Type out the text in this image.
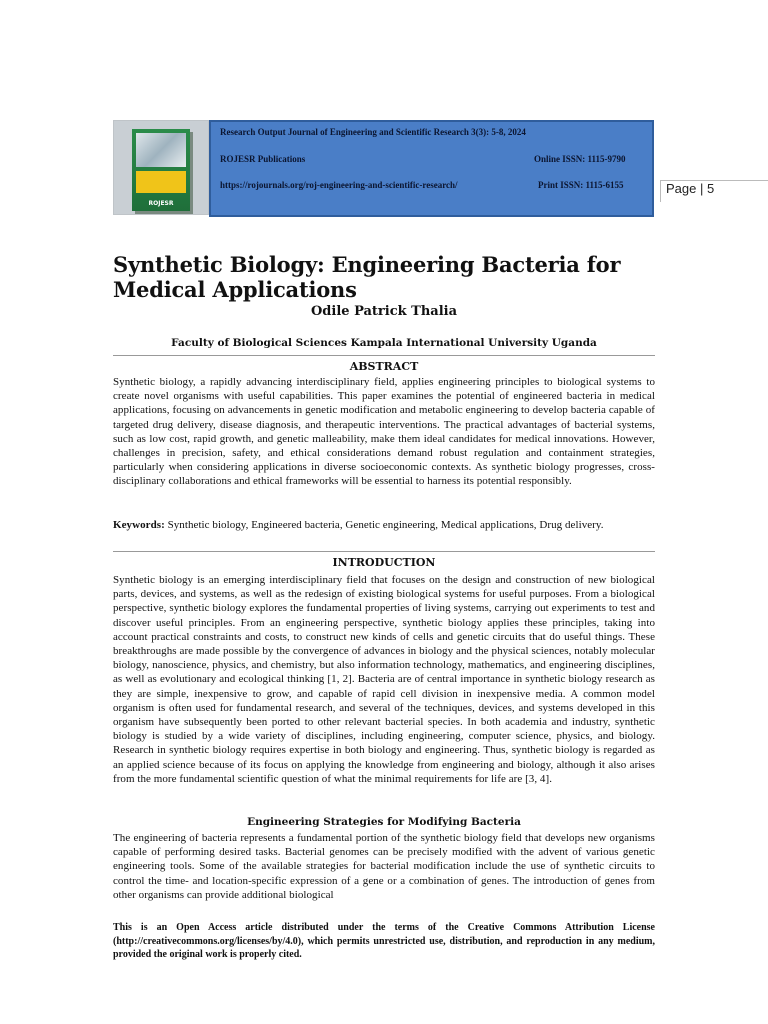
ROJESR
Research Output Journal of Engineering and Scientific Research 3(3): 5-8, 2024
ROJESR Publications	Online ISSN: 1115-9790
https://rojournals.org/roj-engineering-and-scientific-research/	Print ISSN: 1115-6155	Page | 5
Synthetic Biology: Engineering Bacteria for Medical Applications

Odile Patrick Thalia

Faculty of Biological Sciences Kampala International University Uganda

ABSTRACT

Synthetic biology, a rapidly advancing interdisciplinary field, applies engineering principles to biological systems to create novel organisms with useful capabilities. This paper examines the potential of engineered bacteria in medical applications, focusing on advancements in genetic modification and metabolic engineering to develop bacteria capable of targeted drug delivery, disease diagnosis, and therapeutic interventions. The practical advantages of bacterial systems, such as low cost, rapid growth, and genetic malleability, make them ideal candidates for medical innovations. However, challenges in precision, safety, and ethical considerations demand robust regulation and containment strategies, particularly when considering applications in diverse socioeconomic contexts. As synthetic biology progresses, cross-disciplinary collaborations and ethical frameworks will be essential to harness its potential responsibly.

Keywords: Synthetic biology, Engineered bacteria, Genetic engineering, Medical applications, Drug delivery.

INTRODUCTION

Synthetic biology is an emerging interdisciplinary field that focuses on the design and construction of new biological parts, devices, and systems, as well as the redesign of existing biological systems for useful purposes. From a biological perspective, synthetic biology explores the fundamental properties of living systems, carrying out experiments to test and discover useful principles. From an engineering perspective, synthetic biology applies these principles, taking into account practical constraints and costs, to construct new kinds of cells and genetic circuits that do useful things. These breakthroughs are made possible by the convergence of advances in biology and the physical sciences, notably molecular biology, nanoscience, physics, and chemistry, but also information technology, mathematics, and engineering disciplines, as well as evolutionary and ecological thinking [1, 2]. Bacteria are of central importance in synthetic biology research as they are simple, inexpensive to grow, and capable of rapid cell division in inexpensive media. A common model organism is often used for fundamental research, and several of the techniques, devices, and systems developed in this organism have subsequently been ported to other relevant bacterial species. In both academia and industry, synthetic biology is studied by a wide variety of disciplines, including engineering, computer science, physics, and biology. Research in synthetic biology requires expertise in both biology and engineering. Thus, synthetic biology is regarded as an applied science because of its focus on applying the knowledge from engineering and biology, although it also arises from the more fundamental scientific question of what the minimal requirements for life are [3, 4].

Engineering Strategies for Modifying Bacteria

The engineering of bacteria represents a fundamental portion of the synthetic biology field that develops new organisms capable of performing desired tasks. Bacterial genomes can be precisely modified with the advent of various genetic engineering tools. Some of the available strategies for bacterial modification include the use of synthetic circuits to control the time- and location-specific expression of a gene or a combination of genes. The introduction of genes from other organisms can provide additional biological

This is an Open Access article distributed under the terms of the Creative Commons Attribution License (http://creativecommons.org/licenses/by/4.0), which permits unrestricted use, distribution, and reproduction in any medium, provided the original work is properly cited.
